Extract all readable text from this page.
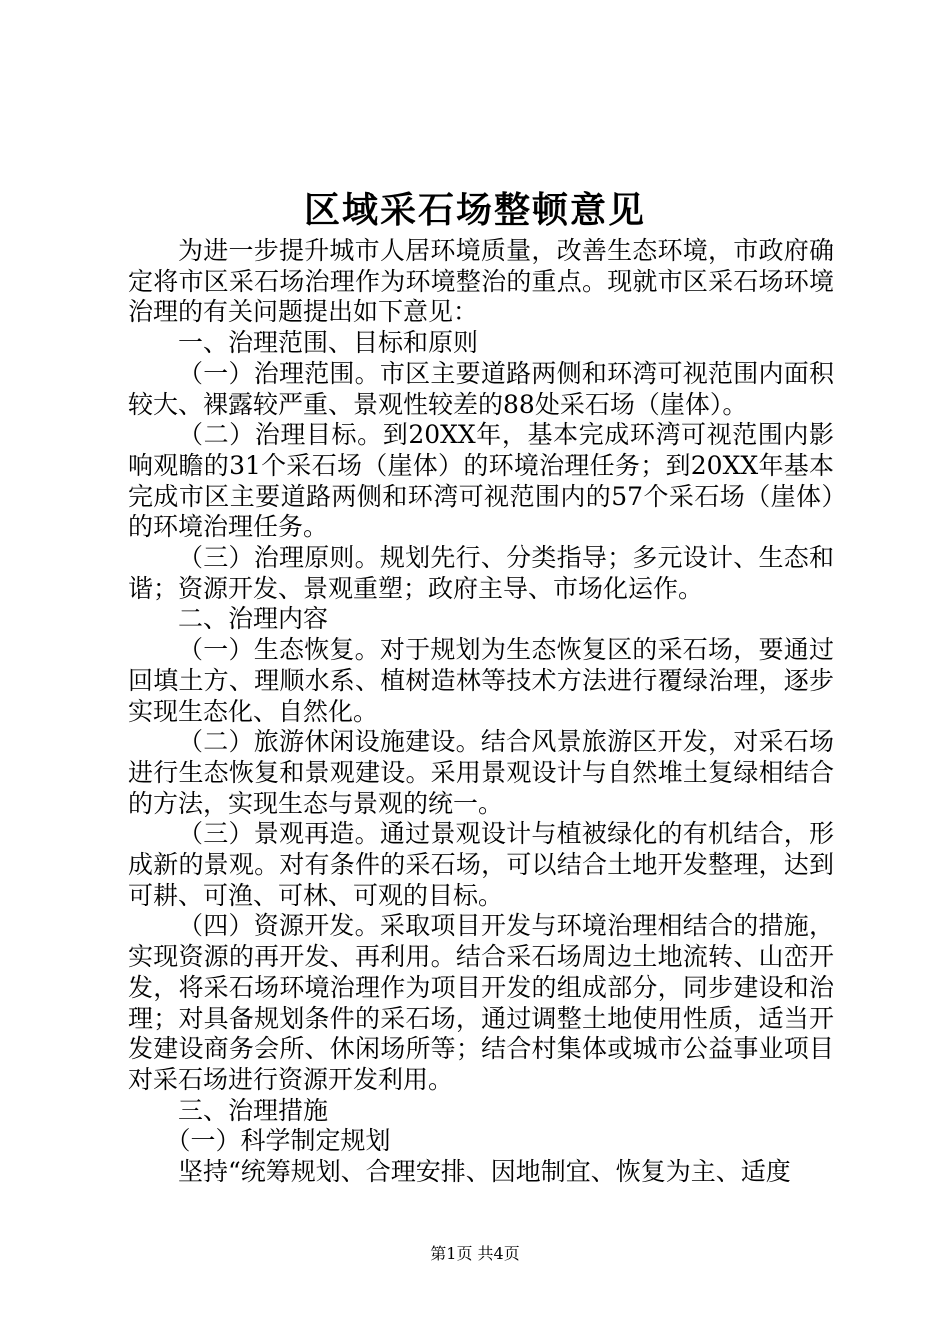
区域采石场整顿意见

为进一步提升城市人居环境质量，改善生态环境，市政府确定将市区采石场治理作为环境整治的重点。现就市区采石场环境治理的有关问题提出如下意见：

一、治理范围、目标和原则

（一）治理范围。市区主要道路两侧和环湾可视范围内面积较大、裸露较严重、景观性较差的88处采石场（崖体）。

（二）治理目标。到20XX年，基本完成环湾可视范围内影响观瞻的31个采石场（崖体）的环境治理任务；到20XX年基本完成市区主要道路两侧和环湾可视范围内的57个采石场（崖体）的环境治理任务。

（三）治理原则。规划先行、分类指导；多元设计、生态和谐；资源开发、景观重塑；政府主导、市场化运作。

二、治理内容

（一）生态恢复。对于规划为生态恢复区的采石场，要通过回填土方、理顺水系、植树造林等技术方法进行覆绿治理，逐步实现生态化、自然化。

（二）旅游休闲设施建设。结合风景旅游区开发，对采石场进行生态恢复和景观建设。采用景观设计与自然堆土复绿相结合的方法，实现生态与景观的统一。

（三）景观再造。通过景观设计与植被绿化的有机结合，形成新的景观。对有条件的采石场，可以结合土地开发整理，达到可耕、可渔、可林、可观的目标。

（四）资源开发。采取项目开发与环境治理相结合的措施，实现资源的再开发、再利用。结合采石场周边土地流转、山峦开发，将采石场环境治理作为项目开发的组成部分，同步建设和治理；对具备规划条件的采石场，通过调整土地使用性质，适当开发建设商务会所、休闲场所等；结合村集体或城市公益事业项目对采石场进行资源开发利用。

三、治理措施

（一）科学制定规划

坚持“统筹规划、合理安排、因地制宜、恢复为主、适度

第1页 共4页
